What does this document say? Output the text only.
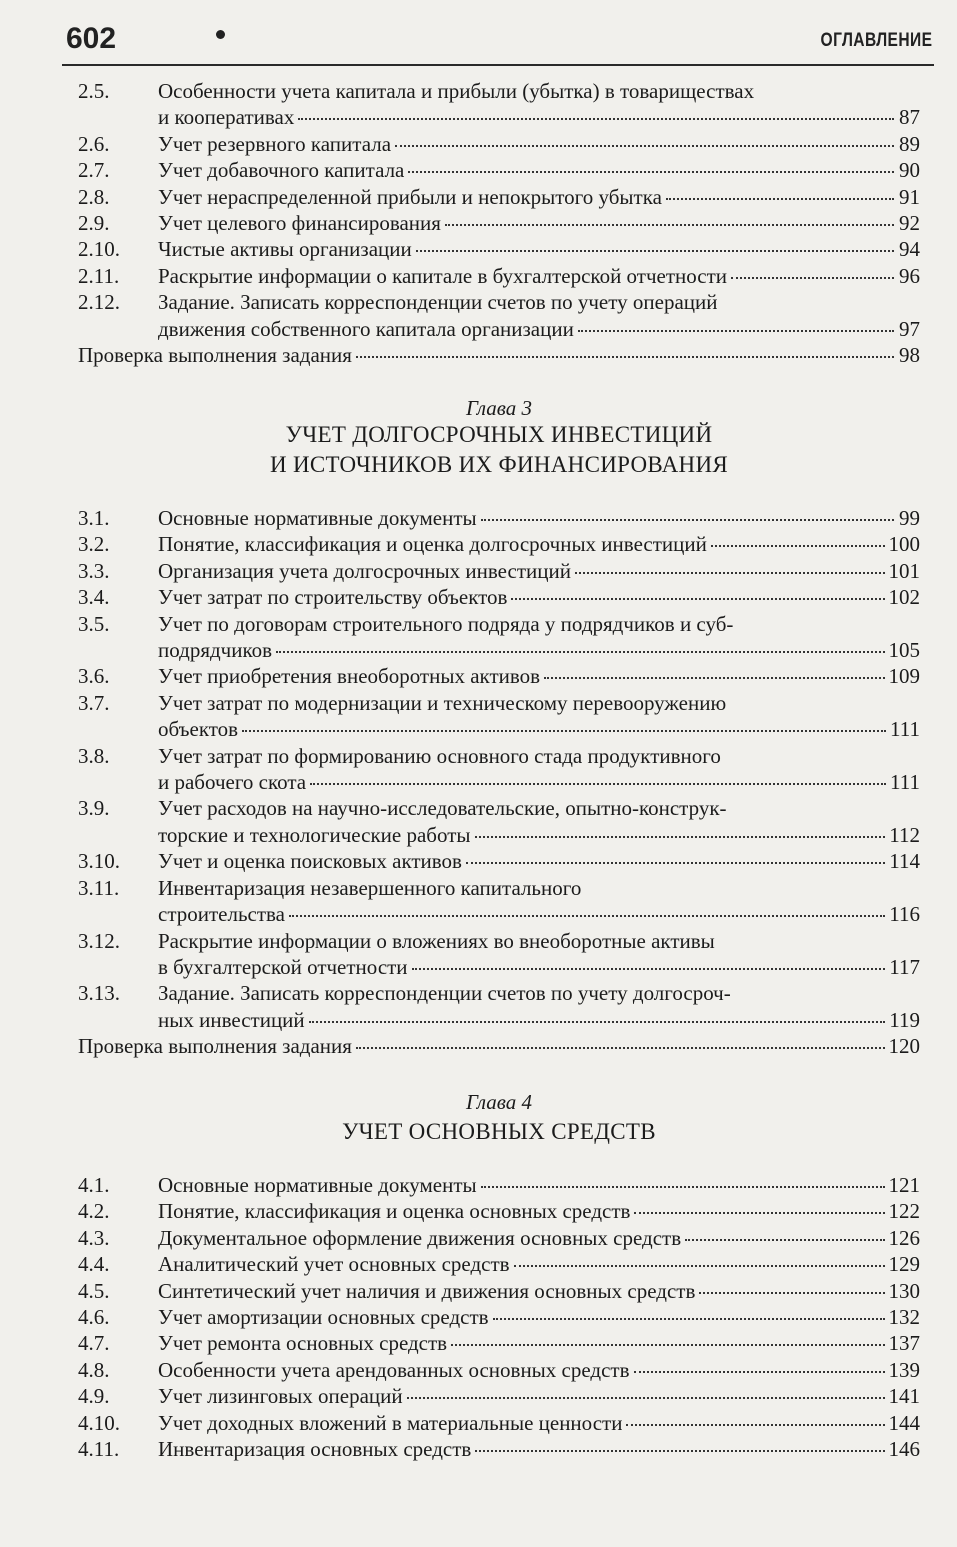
602	ОГЛАВЛЕНИЕ
2.5. Особенности учета капитала и прибыли (убытка) в товариществах
и кооперативах	87
2.6. Учет резервного капитала	89
2.7. Учет добавочного капитала	90
2.8. Учет нераспределенной прибыли и непокрытого убытка	91
2.9. Учет целевого финансирования	92
2.10. Чистые активы организации	94
2.11. Раскрытие информации о капитале в бухгалтерской отчетности	96
2.12. Задание. Записать корреспонденции счетов по учету операций
движения собственного капитала организации	97
Проверка выполнения задания	98
Глава 3
УЧЕТ ДОЛГОСРОЧНЫХ ИНВЕСТИЦИЙ
И ИСТОЧНИКОВ ИХ ФИНАНСИРОВАНИЯ
3.1. Основные нормативные документы	99
3.2. Понятие, классификация и оценка долгосрочных инвестиций	100
3.3. Организация учета долгосрочных инвестиций	101
3.4. Учет затрат по строительству объектов	102
3.5. Учет по договорам строительного подряда у подрядчиков и суб-
подрядчиков	105
3.6. Учет приобретения внеоборотных активов	109
3.7. Учет затрат по модернизации и техническому перевооружению
объектов	111
3.8. Учет затрат по формированию основного стада продуктивного
и рабочего скота	111
3.9. Учет расходов на научно-исследовательские, опытно-конструк-
торские и технологические работы	112
3.10. Учет и оценка поисковых активов	114
3.11. Инвентаризация незавершенного капитального
строительства	116
3.12. Раскрытие информации о вложениях во внеоборотные активы
в бухгалтерской отчетности	117
3.13. Задание. Записать корреспонденции счетов по учету долгосроч-
ных инвестиций	119
Проверка выполнения задания	120
Глава 4
УЧЕТ ОСНОВНЫХ СРЕДСТВ
4.1. Основные нормативные документы	121
4.2. Понятие, классификация и оценка основных средств	122
4.3. Документальное оформление движения основных средств	126
4.4. Аналитический учет основных средств	129
4.5. Синтетический учет наличия и движения основных средств	130
4.6. Учет амортизации основных средств	132
4.7. Учет ремонта основных средств	137
4.8. Особенности учета арендованных основных средств	139
4.9. Учет лизинговых операций	141
4.10. Учет доходных вложений в материальные ценности	144
4.11. Инвентаризация основных средств	146
